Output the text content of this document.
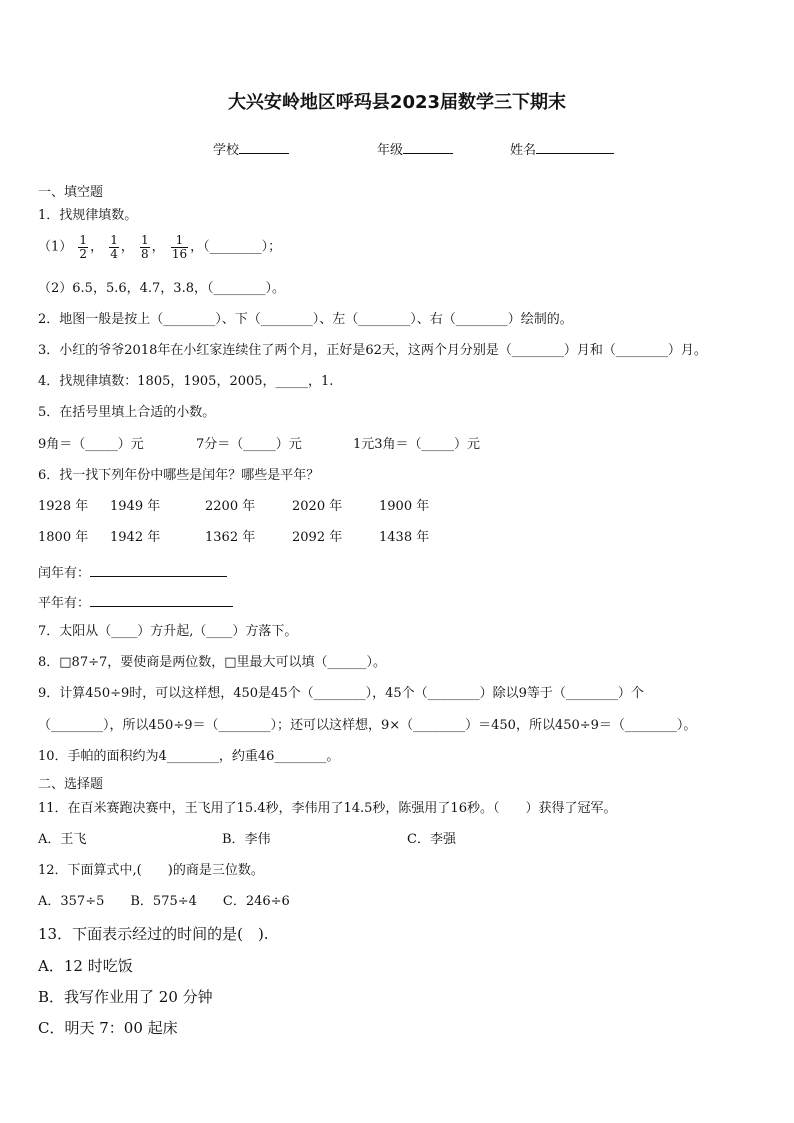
大兴安岭地区呼玛县2023届数学三下期末
学校	年级	姓名
一、填空题
1．找规律填数。
$(1) \frac{1}{2}$ ， $\frac{1}{4}$ ， $\frac{1}{8}$ ， $\frac{1}{16}$ ，（________）；
（2）6.5，5.6，4.7，3.8，（________）。
2．地图一般是按上（________）、下（________）、左（________）、右（________）绘制的。
3．小红的爷爷2018年在小红家连续住了两个月，正好是62天，这两个月分别是（________）月和（________）月。
4．找规律填数：1805，1905，2005，_____，1.
5．在括号里填上合适的小数。
9角＝（_____）元	7分＝（_____）元	1元3角＝（_____）元
6．找一找下列年份中哪些是闰年？哪些是平年？
1928 年 1949 年	2200 年	2020 年	1900 年
1800 年 1942 年	1362 年	2092 年	1438 年
闰年有：
平年有：
7．太阳从（____）方升起,（____）方落下。
8．□87÷7，要使商是两位数，□里最大可以填（______）。
9．计算450÷9时，可以这样想，450是45个（________），45个（________）除以9等于（________）个
（________），所以450÷9＝（________）；还可以这样想，9×（________）＝450，所以450÷9＝（________）。
10．手帕的面积约为4________，约重46________。
二、选择题
11．在百米赛跑决赛中，王飞用了15.4秒，李伟用了14.5秒，陈强用了16秒。（　　）获得了冠军。
A．王飞	B．李伟	C．李强
12．下面算式中,(　　)的商是三位数。
A．357÷5　　B．575÷4　　C．246÷6
13．下面表示经过的时间的是(　).
A．12 时吃饭
B．我写作业用了 20 分钟
C．明天 7：00 起床
